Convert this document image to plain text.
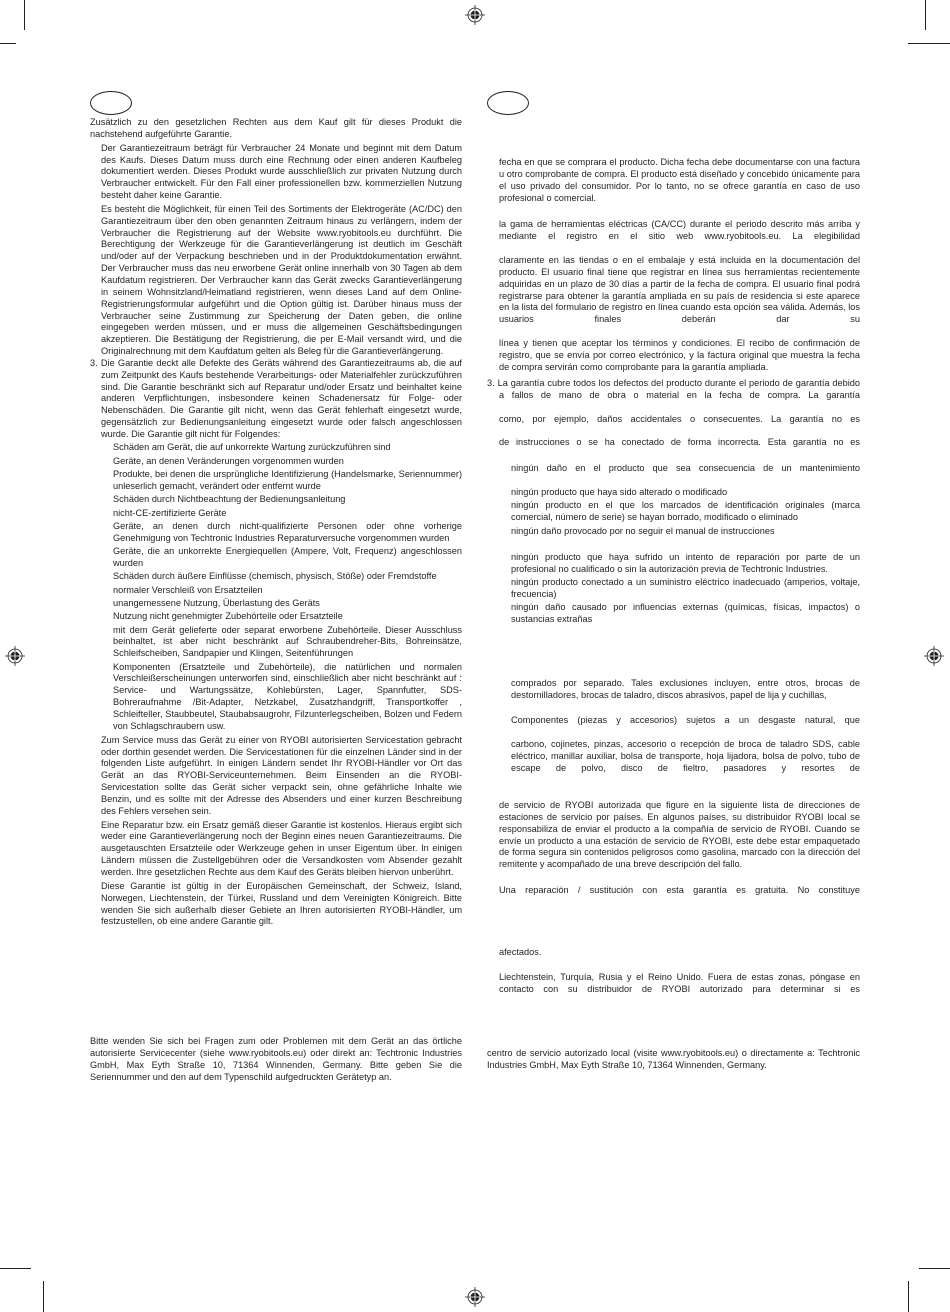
Zusätzlich zu den gesetzlichen Rechten aus dem Kauf gilt für dieses Produkt die nachstehend aufgeführte Garantie.

Der Garantiezeitraum beträgt für Verbraucher 24 Monate und beginnt mit dem Datum des Kaufs. Dieses Datum muss durch eine Rechnung oder einen anderen Kaufbeleg dokumentiert werden. Dieses Produkt wurde ausschließlich zur privaten Nutzung durch Verbraucher entwickelt. Für den Fall einer professionellen bzw. kommerziellen Nutzung besteht daher keine Garantie.

Es besteht die Möglichkeit, für einen Teil des Sortiments der Elektrogeräte (AC/DC) den Garantiezeitraum über den oben genannten Zeitraum hinaus zu verlängern, indem der Verbraucher die Registrierung auf der Website www.ryobitools.eu durchführt. Die Berechtigung der Werkzeuge für die Garantieverlängerung ist deutlich im Geschäft und/oder auf der Verpackung beschrieben und in der Produktdokumentation erwähnt. Der Verbraucher muss das neu erworbene Gerät online innerhalb von 30 Tagen ab dem Kaufdatum registrieren. Der Verbraucher kann das Gerät zwecks Garantieverlängerung in seinem Wohnsitzland/Heimatland registrieren, wenn dieses Land auf dem Online-Registrierungsformular aufgeführt und die Option gültig ist. Darüber hinaus muss der Verbraucher seine Zustimmung zur Speicherung der Daten geben, die online eingegeben werden müssen, und er muss die allgemeinen Geschäftsbedingungen akzeptieren. Die Bestätigung der Registrierung, die per E-Mail versandt wird, und die Originalrechnung mit dem Kaufdatum gelten als Beleg für die Garantieverlängerung.

3. Die Garantie deckt alle Defekte des Geräts während des Garantiezeitraums ab, die auf zum Zeitpunkt des Kaufs bestehende Verarbeitungs- oder Materialfehler zurückzuführen sind. Die Garantie beschränkt sich auf Reparatur und/oder Ersatz und beinhaltet keine anderen Verpflichtungen, insbesondere keinen Schadenersatz für Folge- oder Nebenschäden. Die Garantie gilt nicht, wenn das Gerät fehlerhaft eingesetzt wurde, gegensätzlich zur Bedienungsanleitung eingesetzt wurde oder falsch angeschlossen wurde. Die Garantie gilt nicht für Folgendes:

Schäden am Gerät, die auf unkorrekte Wartung zurückzuführen sind

Geräte, an denen Veränderungen vorgenommen wurden

Produkte, bei denen die ursprüngliche Identifizierung (Handelsmarke, Seriennummer) unleserlich gemacht, verändert oder entfernt wurde

Schäden durch Nichtbeachtung der Bedienungsanleitung

nicht-CE-zertifizierte Geräte

Geräte, an denen durch nicht-qualifizierte Personen oder ohne vorherige Genehmigung von Techtronic Industries Reparaturversuche vorgenommen wurden

Geräte, die an unkorrekte Energiequellen (Ampere, Volt, Frequenz) angeschlossen wurden

Schäden durch äußere Einflüsse (chemisch, physisch, Stöße) oder Fremdstoffe

normaler Verschleiß von Ersatzteilen

unangemessene Nutzung, Überlastung des Geräts

Nutzung nicht genehmigter Zubehörteile oder Ersatzteile

mit dem Gerät gelieferte oder separat erworbene Zubehörteile. Dieser Ausschluss beinhaltet, ist aber nicht beschränkt auf Schraubendreher-Bits, Bohreinsätze, Schleifscheiben, Sandpapier und Klingen, Seitenführungen

Komponenten (Ersatzteile und Zubehörteile), die natürlichen und normalen Verschleißerscheinungen unterworfen sind, einschließlich aber nicht beschränkt auf : Service- und Wartungssätze, Kohlebürsten, Lager, Spannfutter, SDS-Bohreraufnahme /Bit-Adapter, Netzkabel, Zusatzhandgriff, Transportkoffer , Schleifteller, Staubbeutel, Staubabsaugrohr, Filzunterlegscheiben, Bolzen und Federn von Schlagschraubern usw.

Zum Service muss das Gerät zu einer von RYOBI autorisierten Servicestation gebracht oder dorthin gesendet werden. Die Servicestationen für die einzelnen Länder sind in der folgenden Liste aufgeführt. In einigen Ländern sendet Ihr RYOBI-Händler vor Ort das Gerät an das RYOBI-Serviceunternehmen. Beim Einsenden an die RYOBI-Servicestation sollte das Gerät sicher verpackt sein, ohne gefährliche Inhalte wie Benzin, und es sollte mit der Adresse des Absenders und einer kurzen Beschreibung des Fehlers versehen sein.

Eine Reparatur bzw. ein Ersatz gemäß dieser Garantie ist kostenlos. Hieraus ergibt sich weder eine Garantieverlängerung noch der Beginn eines neuen Garantiezeitraums. Die ausgetauschten Ersatzteile oder Werkzeuge gehen in unser Eigentum über. In einigen Ländern müssen die Zustellgebühren oder die Versandkosten vom Absender gezahlt werden. Ihre gesetzlichen Rechte aus dem Kauf des Geräts bleiben hiervon unberührt.

Diese Garantie ist gültig in der Europäischen Gemeinschaft, der Schweiz, Island, Norwegen, Liechtenstein, der Türkei, Russland und dem Vereinigten Königreich. Bitte wenden Sie sich außerhalb dieser Gebiete an Ihren autorisierten RYOBI-Händler, um festzustellen, ob eine andere Garantie gilt.

Bitte wenden Sie sich bei Fragen zum oder Problemen mit dem Gerät an das örtliche autorisierte Servicecenter (siehe www.ryobitools.eu) oder direkt an: Techtronic Industries GmbH, Max Eyth Straße 10, 71364 Winnenden, Germany. Bitte geben Sie die Seriennummer und den auf dem Typenschild aufgedruckten Gerätetyp an.

fecha en que se comprara el producto. Dicha fecha debe documentarse con una factura u otro comprobante de compra. El producto está diseñado y concebido únicamente para el uso privado del consumidor. Por lo tanto, no se ofrece garantía en caso de uso profesional o comercial.

la gama de herramientas eléctricas (CA/CC) durante el periodo descrito más arriba y mediante el registro en el sitio web www.ryobitools.eu. La elegibilidad

claramente en las tiendas o en el embalaje y está incluida en la documentación del producto. El usuario final tiene que registrar en línea sus herramientas recientemente adquiridas en un plazo de 30 días a partir de la fecha de compra. El usuario final podrá registrarse para obtener la garantía ampliada en su país de residencia si este aparece en la lista del formulario de registro en línea cuando esta opción sea válida. Además, los usuarios finales deberán dar su

línea y tienen que aceptar los términos y condiciones. El recibo de confirmación de registro, que se envía por correo electrónico, y la factura original que muestra la fecha de compra servirán como comprobante para la garantía ampliada.

3. La garantía cubre todos los defectos del producto durante el periodo de garantía debido a fallos de mano de obra o material en la fecha de compra. La garantía

como, por ejemplo, daños accidentales o consecuentes. La garantía no es

de instrucciones o se ha conectado de forma incorrecta. Esta garantía no es

ningún daño en el producto que sea consecuencia de un mantenimiento

ningún producto que haya sido alterado o modificado

ningún producto en el que los marcados de identificación originales (marca comercial, número de serie) se hayan borrado, modificado o eliminado

ningún daño provocado por no seguir el manual de instrucciones

ningún producto que haya sufrido un intento de reparación por parte de un profesional no cualificado o sin la autorización previa de Techtronic Industries.

ningún producto conectado a un suministro eléctrico inadecuado (amperios, voltaje, frecuencia)

ningún daño causado por influencias externas (químicas, físicas, impactos) o sustancias extrañas

comprados por separado. Tales exclusiones incluyen, entre otros, brocas de destornilladores, brocas de taladro, discos abrasivos, papel de lija y cuchillas,

Componentes (piezas y accesorios) sujetos a un desgaste natural, que

carbono, cojinetes, pinzas, accesorio o recepción de broca de taladro SDS, cable eléctrico, manillar auxiliar, bolsa de transporte, hoja lijadora, bolsa de polvo, tubo de escape de polvo, disco de fieltro, pasadores y resortes de

de servicio de RYOBI autorizada que figure en la siguiente lista de direcciones de estaciones de servicio por países. En algunos países, su distribuidor RYOBI local se responsabiliza de enviar el producto a la compañía de servicio de RYOBI. Cuando se envíe un producto a una estación de servicio de RYOBI, este debe estar empaquetado de forma segura sin contenidos peligrosos como gasolina, marcado con la dirección del remitente y acompañado de una breve descripción del fallo.

Una reparación / sustitución con esta garantía es gratuita. No constituye

afectados.

Liechtenstein, Turquía, Rusia y el Reino Unido. Fuera de estas zonas, póngase en contacto con su distribuidor de RYOBI autorizado para determinar si es

centro de servicio autorizado local (visite www.ryobitools.eu) o directamente a: Techtronic Industries GmbH, Max Eyth Straße 10, 71364 Winnenden, Germany.
